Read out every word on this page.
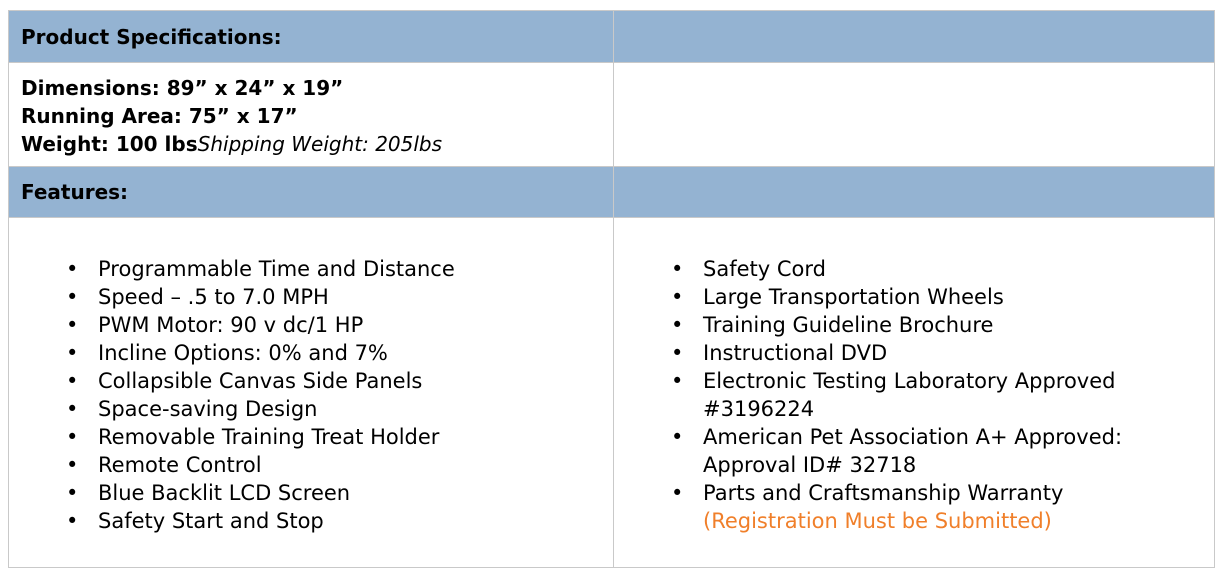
Product Specifications:
Dimensions: 89” x 24” x 19”
Running Area: 75” x 17”
Weight: 100 lbsShipping Weight: 205lbs
Features:
• Programmable Time and Distance
• Speed – .5 to 7.0 MPH
• PWM Motor: 90 v dc/1 HP
• Incline Options: 0% and 7%
• Collapsible Canvas Side Panels
• Space-saving Design
• Removable Training Treat Holder
• Remote Control
• Blue Backlit LCD Screen
• Safety Start and Stop
• Safety Cord
• Large Transportation Wheels
• Training Guideline Brochure
• Instructional DVD
• Electronic Testing Laboratory Approved
#3196224
• American Pet Association A+ Approved:
Approval ID# 32718
• Parts and Craftsmanship Warranty
(Registration Must be Submitted)
